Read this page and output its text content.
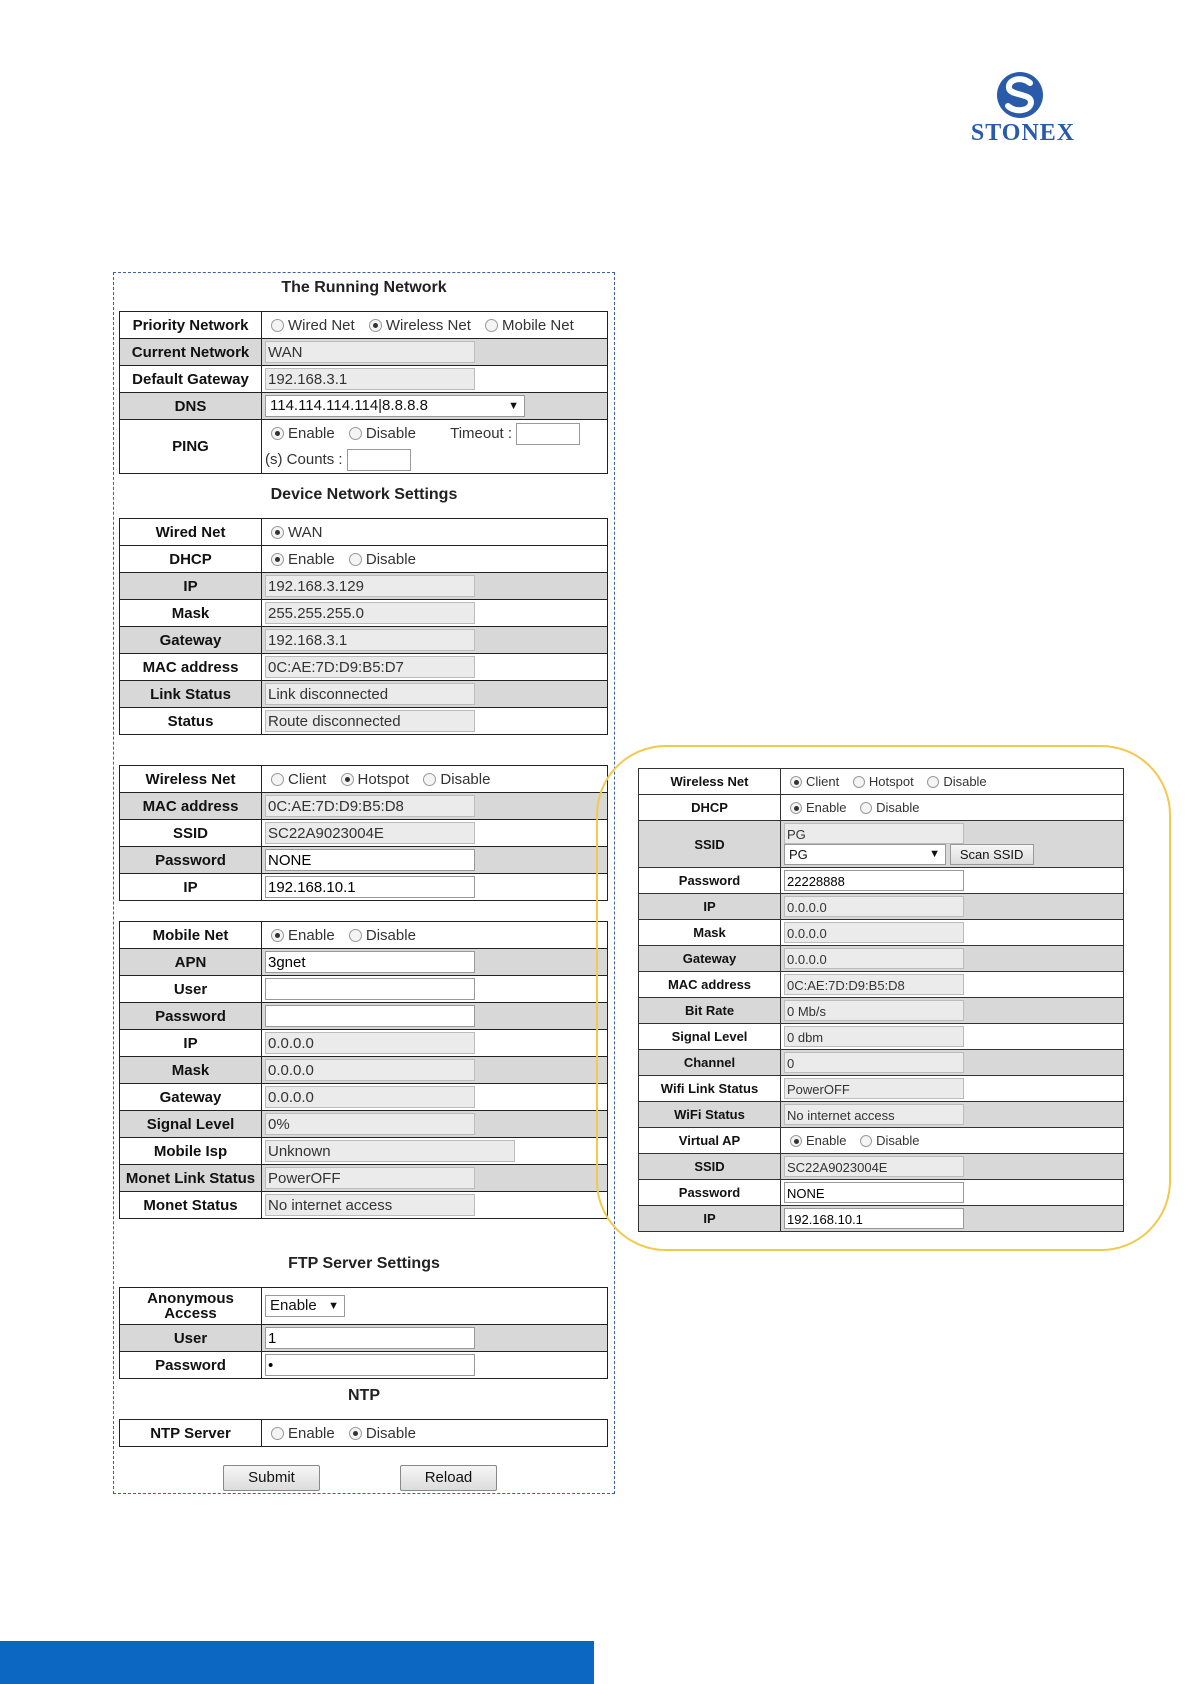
STONEX
The Running Network
Priority Network	Wired Net Wireless Net Mobile Net
Current Network	WAN
Default Gateway	192.168.3.1
DNS	114.114.114.114|8.8.8.8 ▼

PING	Enable Disable Timeout :
(s) Counts :
Device Network Settings
Wired Net	WAN
DHCP	Enable Disable
IP	192.168.3.129
Mask	255.255.255.0
Gateway	192.168.3.1
MAC address	0C:AE:7D:D9:B5:D7
Link Status	Link disconnected
Status	Route disconnected
Wireless Net	Client Hotspot Disable
MAC address	0C:AE:7D:D9:B5:D8
SSID	SC22A9023004E
Password	NONE
IP	192.168.10.1
Mobile Net	Enable Disable
APN	3gnet
User	
Password	
IP	0.0.0.0
Mask	0.0.0.0
Gateway	0.0.0.0
Signal Level	0%
Mobile Isp	Unknown
Monet Link Status	PowerOFF
Monet Status	No internet access
FTP Server Settings
Anonymous
Access	Enable ▼

User	1
Password	•
NTP
NTP Server	Enable Disable
Submit	Reload
Wireless Net	Client Hotspot Disable
DHCP	Enable Disable
SSID	PG
PG ▼ Scan SSID
Password	22228888
IP	0.0.0.0
Mask	0.0.0.0
Gateway	0.0.0.0
MAC address	0C:AE:7D:D9:B5:D8
Bit Rate	0 Mb/s
Signal Level	0 dbm
Channel	0
Wifi Link Status	PowerOFF
WiFi Status	No internet access
Virtual AP	Enable Disable
SSID	SC22A9023004E
Password	NONE
IP	192.168.10.1
